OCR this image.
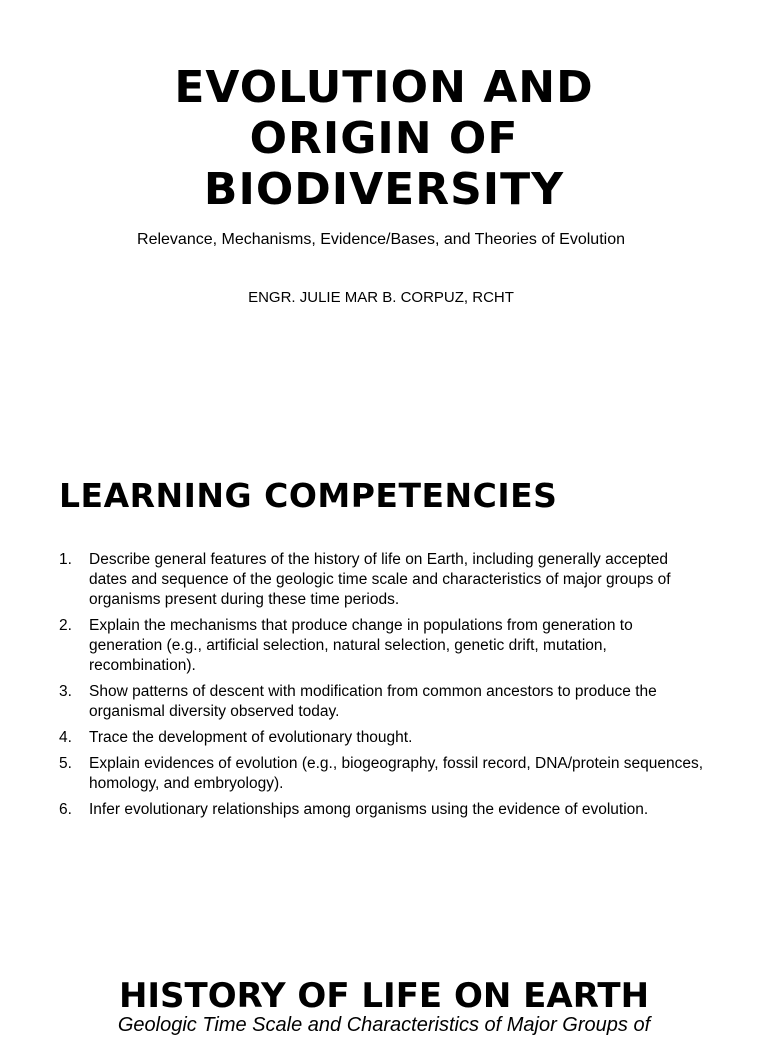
EVOLUTION AND ORIGIN OF BIODIVERSITY

Relevance, Mechanisms, Evidence/Bases, and Theories of Evolution

ENGR. JULIE MAR B. CORPUZ, RCHT

LEARNING COMPETENCIES
1.	Describe general features of the history of life on Earth, including generally accepted dates and sequence of the geologic time scale and characteristics of major groups of organisms present during these time periods.
2.	Explain the mechanisms that produce change in populations from generation to generation (e.g., artificial selection, natural selection, genetic drift, mutation, recombination).
3.	Show patterns of descent with modification from common ancestors to produce the organismal diversity observed today.
4.	Trace the development of evolutionary thought.
5.	Explain evidences of evolution (e.g., biogeography, fossil record, DNA/protein sequences, homology, and embryology).
6.	Infer evolutionary relationships among organisms using the evidence of evolution.
HISTORY OF LIFE ON EARTH

Geologic Time Scale and Characteristics of Major Groups of
